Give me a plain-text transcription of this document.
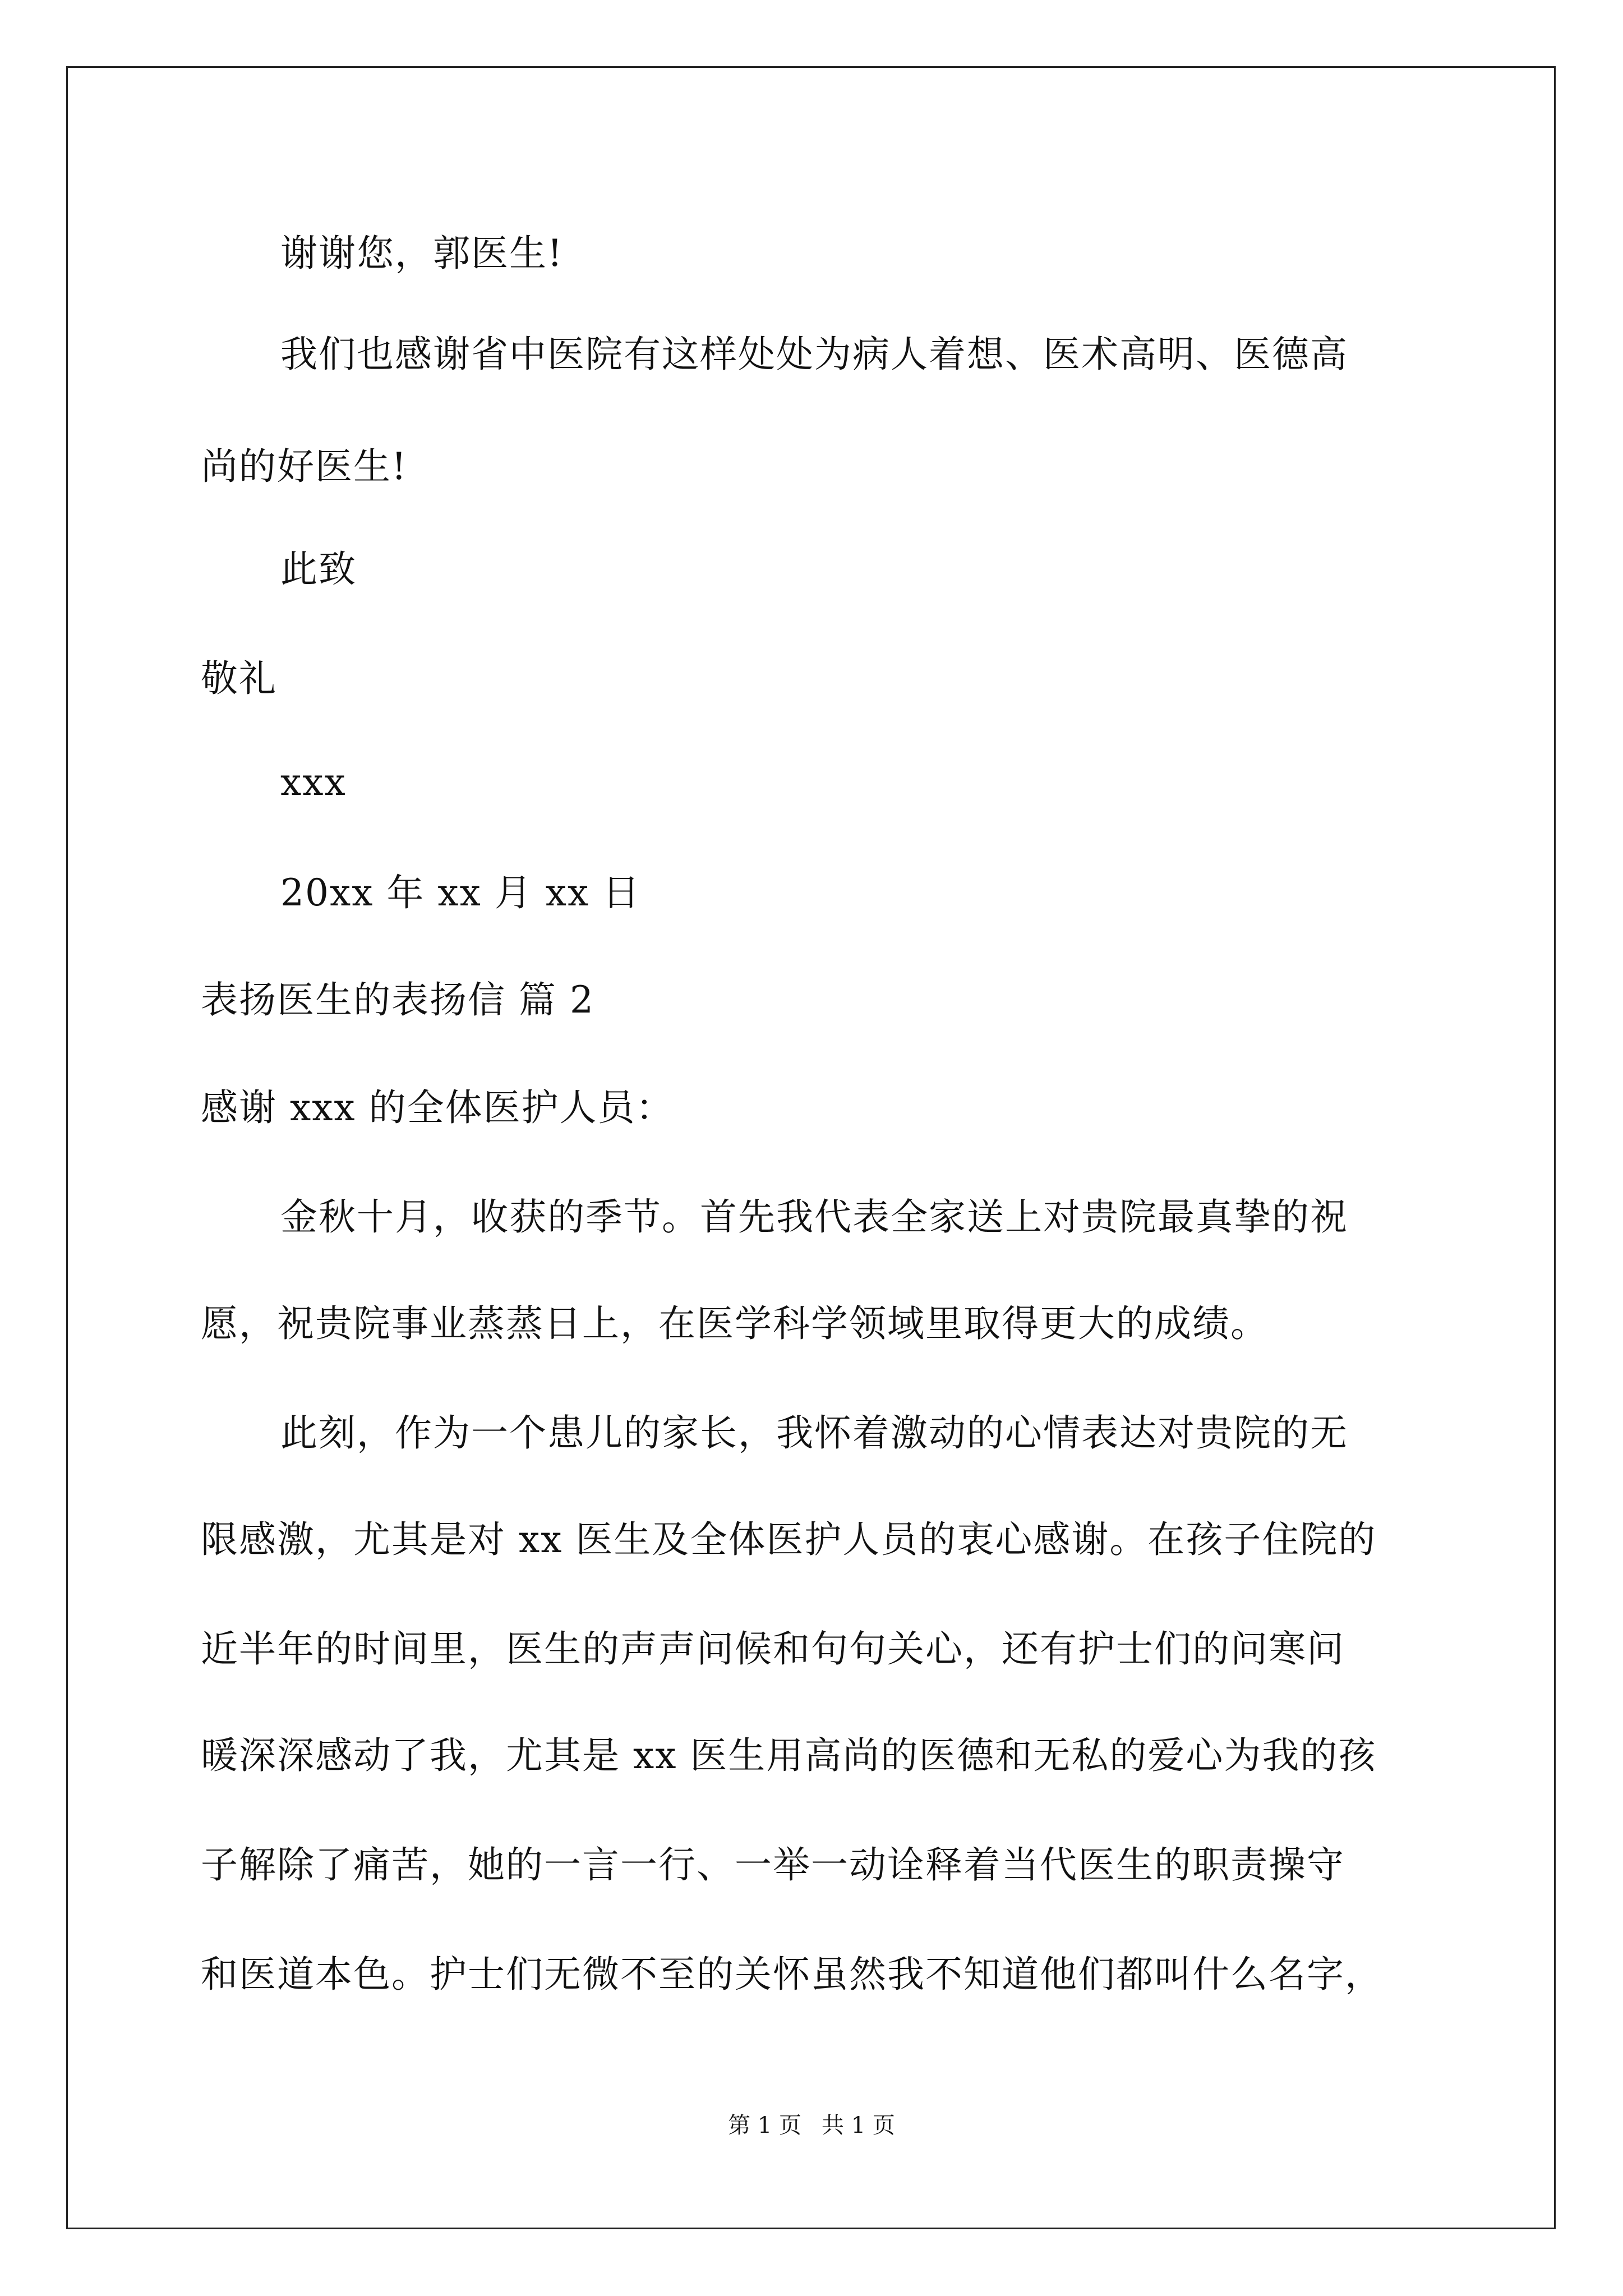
谢谢您，郭医生!
我们也感谢省中医院有这样处处为病人着想、医术高明、医德高
尚的好医生!
此致
敬礼
xxx
20xx 年 xx 月 xx 日
表扬医生的表扬信 篇 2
感谢 xxx 的全体医护人员：
金秋十月，收获的季节。首先我代表全家送上对贵院最真挚的祝
愿，祝贵院事业蒸蒸日上，在医学科学领域里取得更大的成绩。
此刻，作为一个患儿的家长，我怀着激动的心情表达对贵院的无
限感激，尤其是对 xx 医生及全体医护人员的衷心感谢。在孩子住院的
近半年的时间里，医生的声声问候和句句关心，还有护士们的问寒问
暖深深感动了我，尤其是 xx 医生用高尚的医德和无私的爱心为我的孩
子解除了痛苦，她的一言一行、一举一动诠释着当代医生的职责操守
和医道本色。护士们无微不至的关怀虽然我不知道他们都叫什么名字，
第 1 页 共 1 页
